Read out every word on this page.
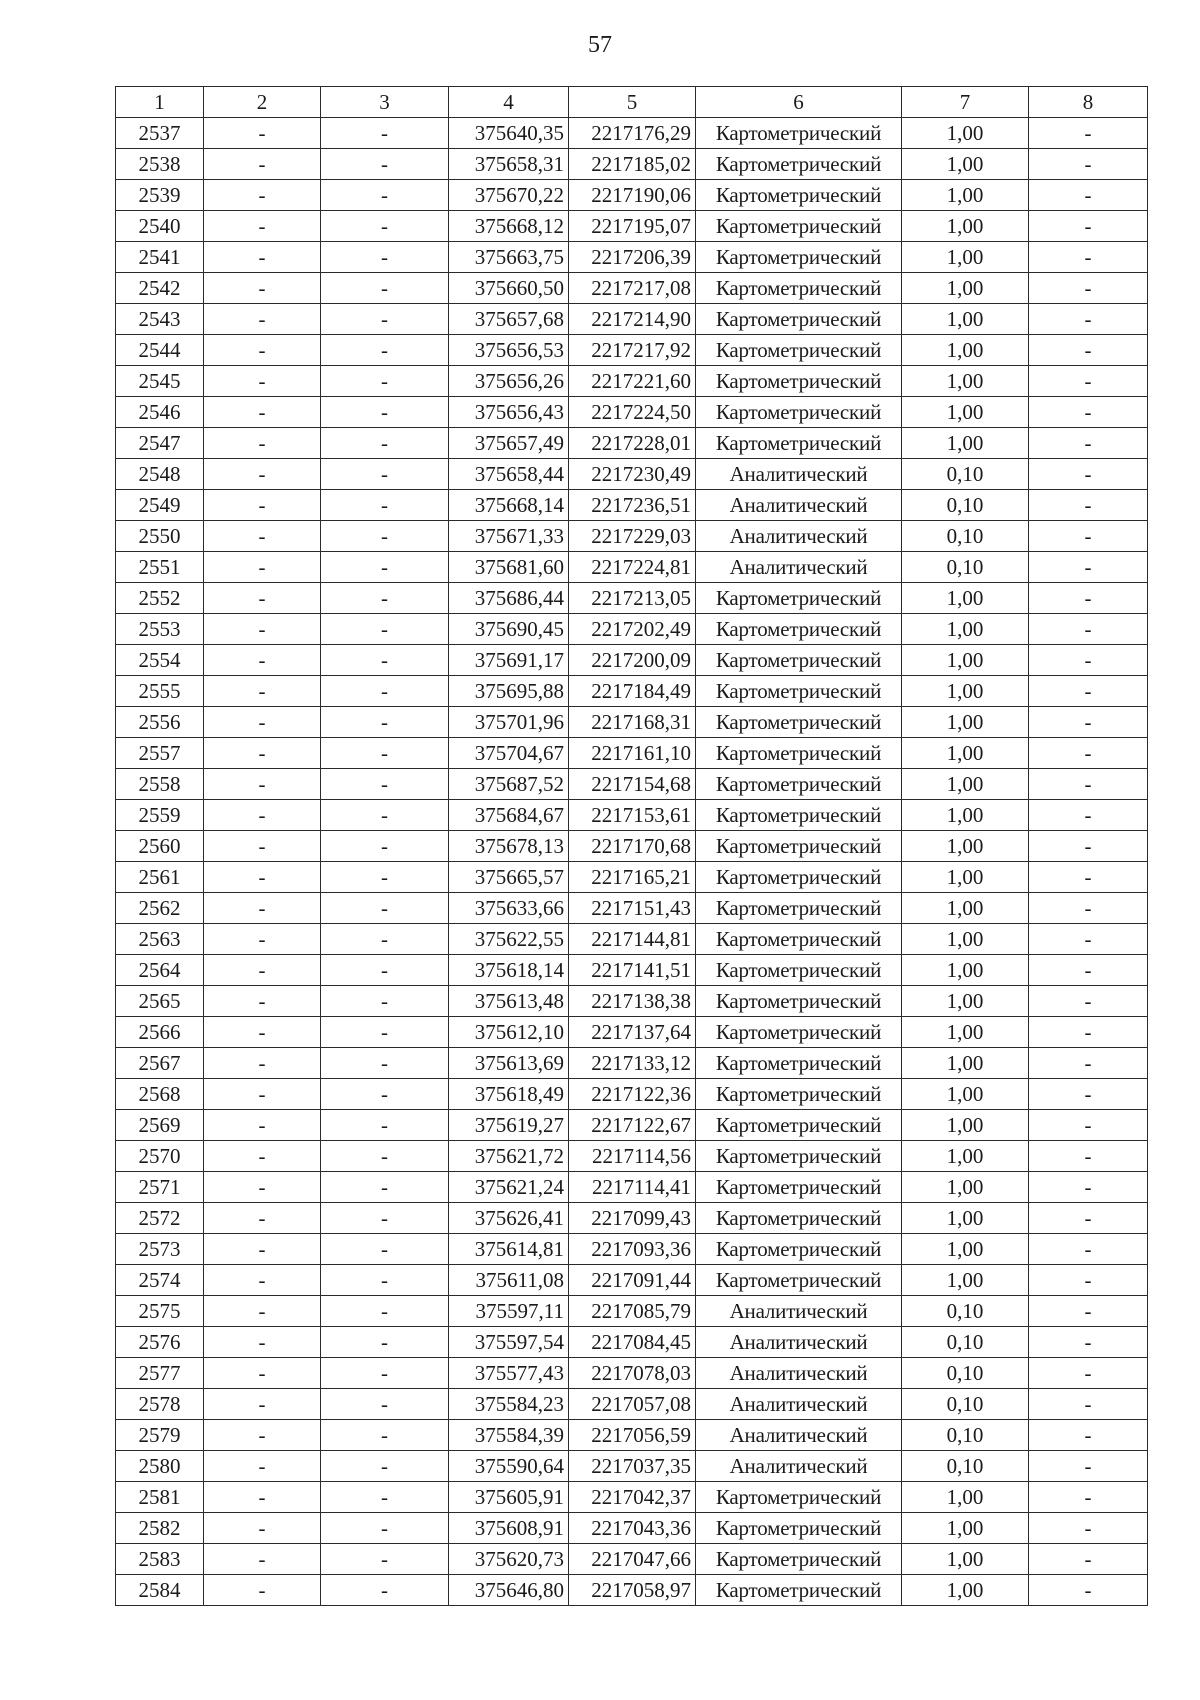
57
1	2	3	4	5	6	7	8
2537	-	-	375640,35	2217176,29	Картометрический	1,00	-
2538	-	-	375658,31	2217185,02	Картометрический	1,00	-
2539	-	-	375670,22	2217190,06	Картометрический	1,00	-
2540	-	-	375668,12	2217195,07	Картометрический	1,00	-
2541	-	-	375663,75	2217206,39	Картометрический	1,00	-
2542	-	-	375660,50	2217217,08	Картометрический	1,00	-
2543	-	-	375657,68	2217214,90	Картометрический	1,00	-
2544	-	-	375656,53	2217217,92	Картометрический	1,00	-
2545	-	-	375656,26	2217221,60	Картометрический	1,00	-
2546	-	-	375656,43	2217224,50	Картометрический	1,00	-
2547	-	-	375657,49	2217228,01	Картометрический	1,00	-
2548	-	-	375658,44	2217230,49	Аналитический	0,10	-
2549	-	-	375668,14	2217236,51	Аналитический	0,10	-
2550	-	-	375671,33	2217229,03	Аналитический	0,10	-
2551	-	-	375681,60	2217224,81	Аналитический	0,10	-
2552	-	-	375686,44	2217213,05	Картометрический	1,00	-
2553	-	-	375690,45	2217202,49	Картометрический	1,00	-
2554	-	-	375691,17	2217200,09	Картометрический	1,00	-
2555	-	-	375695,88	2217184,49	Картометрический	1,00	-
2556	-	-	375701,96	2217168,31	Картометрический	1,00	-
2557	-	-	375704,67	2217161,10	Картометрический	1,00	-
2558	-	-	375687,52	2217154,68	Картометрический	1,00	-
2559	-	-	375684,67	2217153,61	Картометрический	1,00	-
2560	-	-	375678,13	2217170,68	Картометрический	1,00	-
2561	-	-	375665,57	2217165,21	Картометрический	1,00	-
2562	-	-	375633,66	2217151,43	Картометрический	1,00	-
2563	-	-	375622,55	2217144,81	Картометрический	1,00	-
2564	-	-	375618,14	2217141,51	Картометрический	1,00	-
2565	-	-	375613,48	2217138,38	Картометрический	1,00	-
2566	-	-	375612,10	2217137,64	Картометрический	1,00	-
2567	-	-	375613,69	2217133,12	Картометрический	1,00	-
2568	-	-	375618,49	2217122,36	Картометрический	1,00	-
2569	-	-	375619,27	2217122,67	Картометрический	1,00	-
2570	-	-	375621,72	2217114,56	Картометрический	1,00	-
2571	-	-	375621,24	2217114,41	Картометрический	1,00	-
2572	-	-	375626,41	2217099,43	Картометрический	1,00	-
2573	-	-	375614,81	2217093,36	Картометрический	1,00	-
2574	-	-	375611,08	2217091,44	Картометрический	1,00	-
2575	-	-	375597,11	2217085,79	Аналитический	0,10	-
2576	-	-	375597,54	2217084,45	Аналитический	0,10	-
2577	-	-	375577,43	2217078,03	Аналитический	0,10	-
2578	-	-	375584,23	2217057,08	Аналитический	0,10	-
2579	-	-	375584,39	2217056,59	Аналитический	0,10	-
2580	-	-	375590,64	2217037,35	Аналитический	0,10	-
2581	-	-	375605,91	2217042,37	Картометрический	1,00	-
2582	-	-	375608,91	2217043,36	Картометрический	1,00	-
2583	-	-	375620,73	2217047,66	Картометрический	1,00	-
2584	-	-	375646,80	2217058,97	Картометрический	1,00	-
